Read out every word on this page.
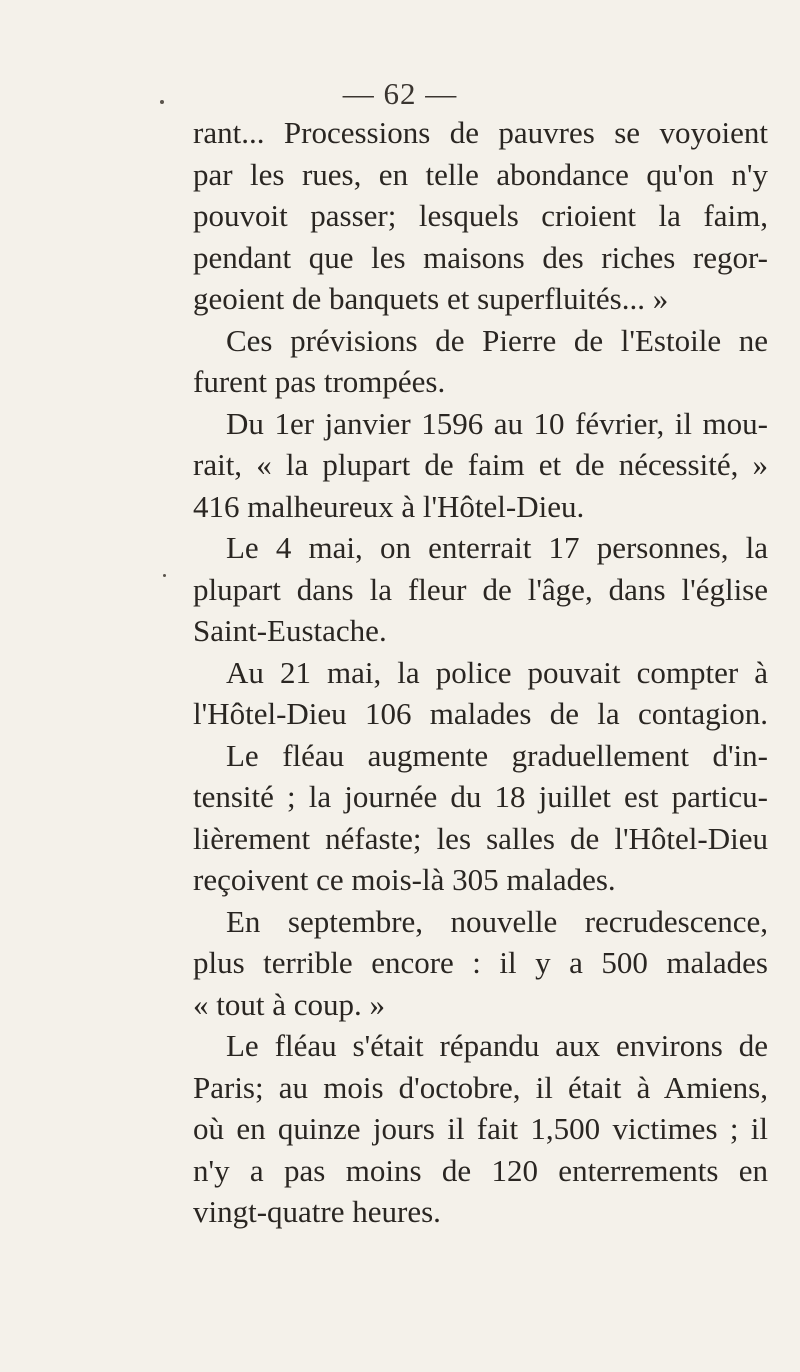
— 62 —
rant... Processions de pauvres se voyoient
par les rues, en telle abondance qu'on n'y
pouvoit passer; lesquels crioient la faim,
pendant que les maisons des riches regor-
geoient de banquets et superfluités... »
Ces prévisions de Pierre de l'Estoile ne
furent pas trompées.
Du 1er janvier 1596 au 10 février, il mou-
rait, « la plupart de faim et de nécessité, »
416 malheureux à l'Hôtel-Dieu.
Le 4 mai, on enterrait 17 personnes, la
plupart dans la fleur de l'âge, dans l'église
Saint-Eustache.
Au 21 mai, la police pouvait compter à
l'Hôtel-Dieu 106 malades de la contagion.
Le fléau augmente graduellement d'in-
tensité ; la journée du 18 juillet est particu-
lièrement néfaste; les salles de l'Hôtel-Dieu
reçoivent ce mois-là 305 malades.
En septembre, nouvelle recrudescence,
plus terrible encore : il y a 500 malades
« tout à coup. »
Le fléau s'était répandu aux environs de
Paris; au mois d'octobre, il était à Amiens,
où en quinze jours il fait 1,500 victimes ; il
n'y a pas moins de 120 enterrements en
vingt-quatre heures.
